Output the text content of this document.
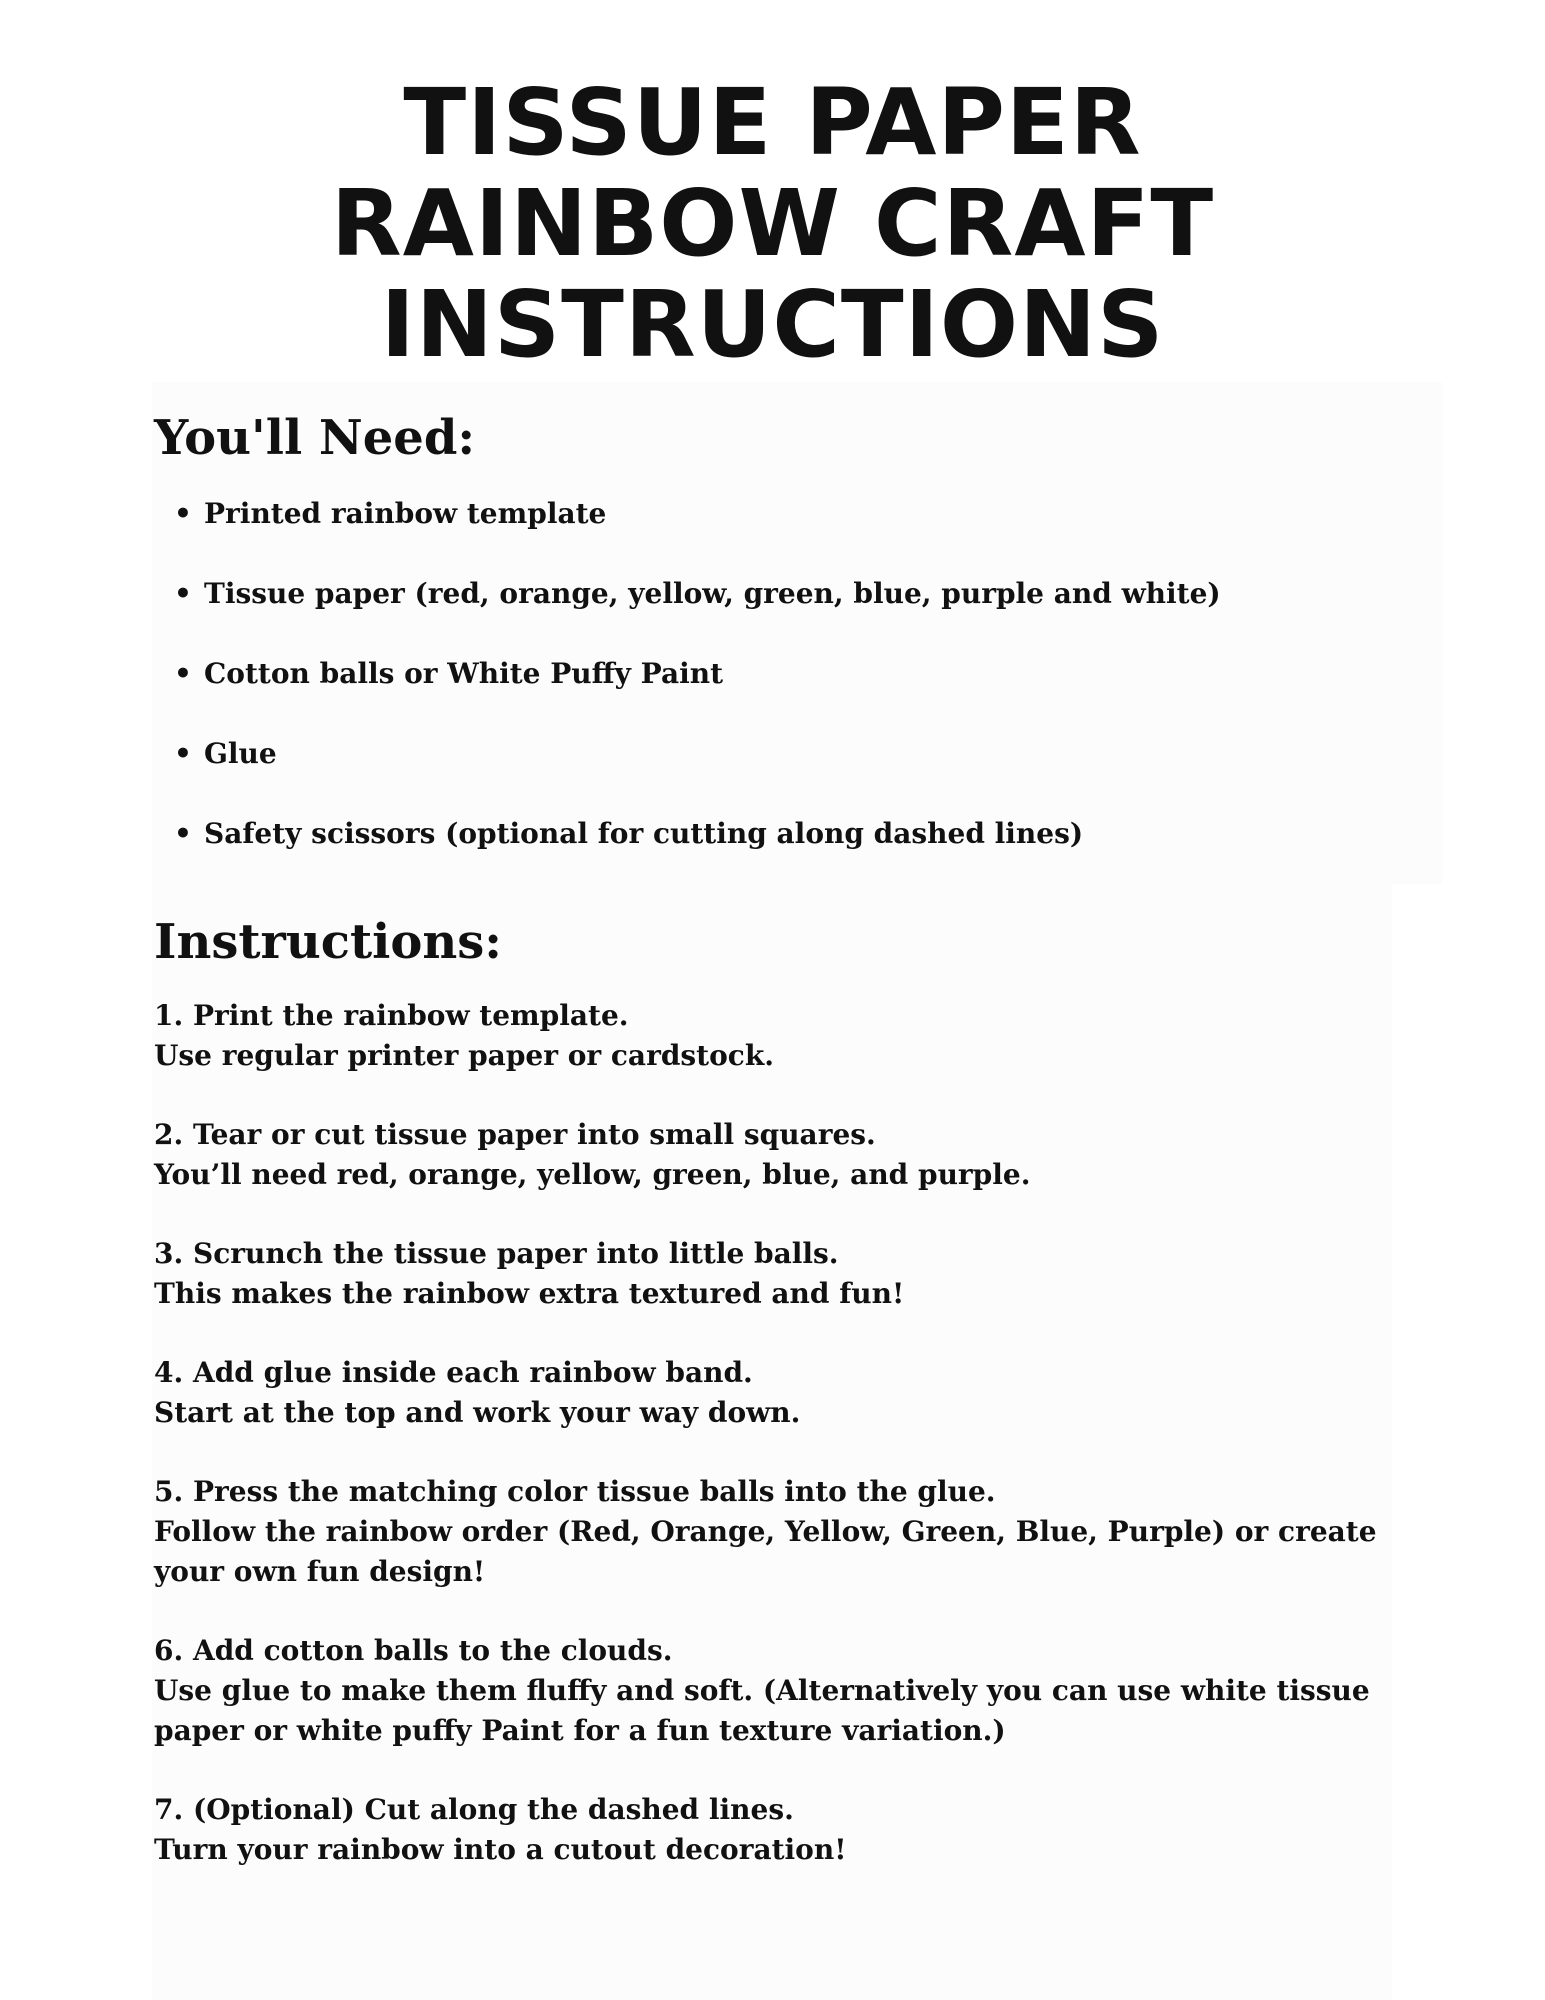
TISSUE PAPER
RAINBOW CRAFT
INSTRUCTIONS
You'll Need:
• Printed rainbow template
• Tissue paper (red, orange, yellow, green, blue, purple and white)
• Cotton balls or White Puffy Paint
• Glue
• Safety scissors (optional for cutting along dashed lines)
Instructions:
1. Print the rainbow template.
Use regular printer paper or cardstock.
2. Tear or cut tissue paper into small squares.
You’ll need red, orange, yellow, green, blue, and purple.
3. Scrunch the tissue paper into little balls.
This makes the rainbow extra textured and fun!
4. Add glue inside each rainbow band.
Start at the top and work your way down.
5. Press the matching color tissue balls into the glue.
Follow the rainbow order (Red, Orange, Yellow, Green, Blue, Purple) or create your own fun design!
6. Add cotton balls to the clouds.
Use glue to make them fluffy and soft. (Alternatively you can use white tissue paper or white puffy Paint for a fun texture variation.)
7. (Optional) Cut along the dashed lines.
Turn your rainbow into a cutout decoration!
